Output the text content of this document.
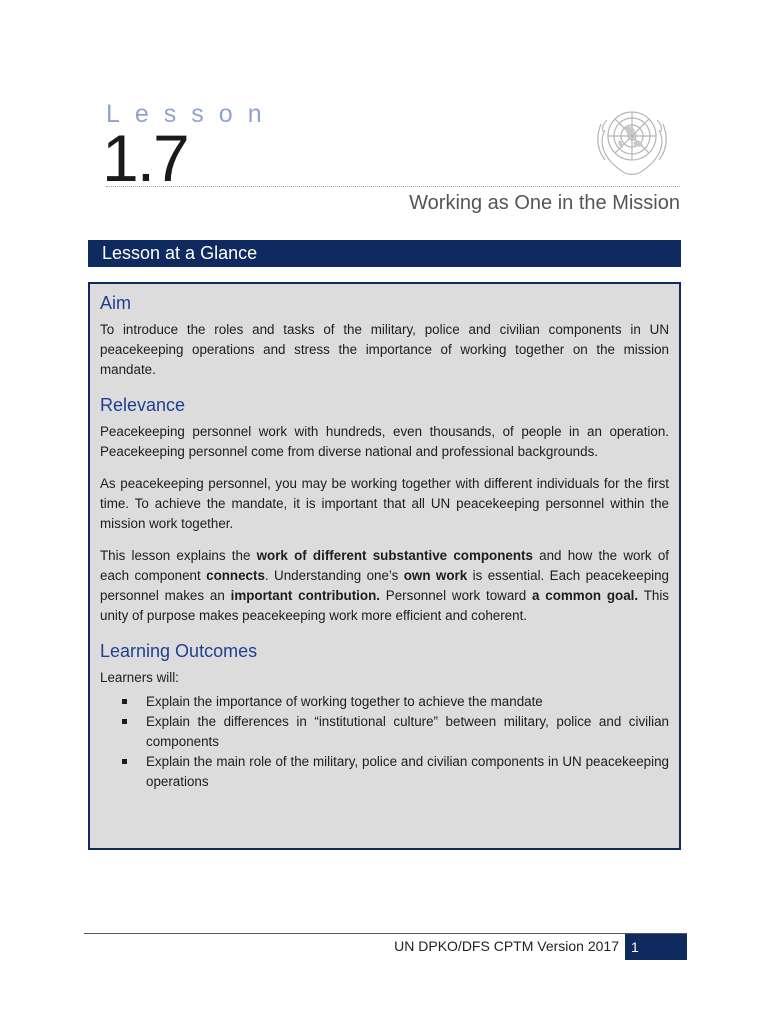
Lesson
1.7
Working as One in the Mission
Lesson at a Glance
Aim

To introduce the roles and tasks of the military, police and civilian components in UN peacekeeping operations and stress the importance of working together on the mission mandate.

Relevance

Peacekeeping personnel work with hundreds, even thousands, of people in an operation. Peacekeeping personnel come from diverse national and professional backgrounds.

As peacekeeping personnel, you may be working together with different individuals for the first time. To achieve the mandate, it is important that all UN peacekeeping personnel within the mission work together.

This lesson explains the work of different substantive components and how the work of each component connects. Understanding one’s own work is essential. Each peacekeeping personnel makes an important contribution. Personnel work toward a common goal. This unity of purpose makes peacekeeping work more efficient and coherent.

Learning Outcomes

Learners will:

Explain the importance of working together to achieve the mandate
Explain the differences in “institutional culture” between military, police and civilian components
Explain the main role of the military, police and civilian components in UN peacekeeping operations
UN DPKO/DFS CPTM Version 2017 1
